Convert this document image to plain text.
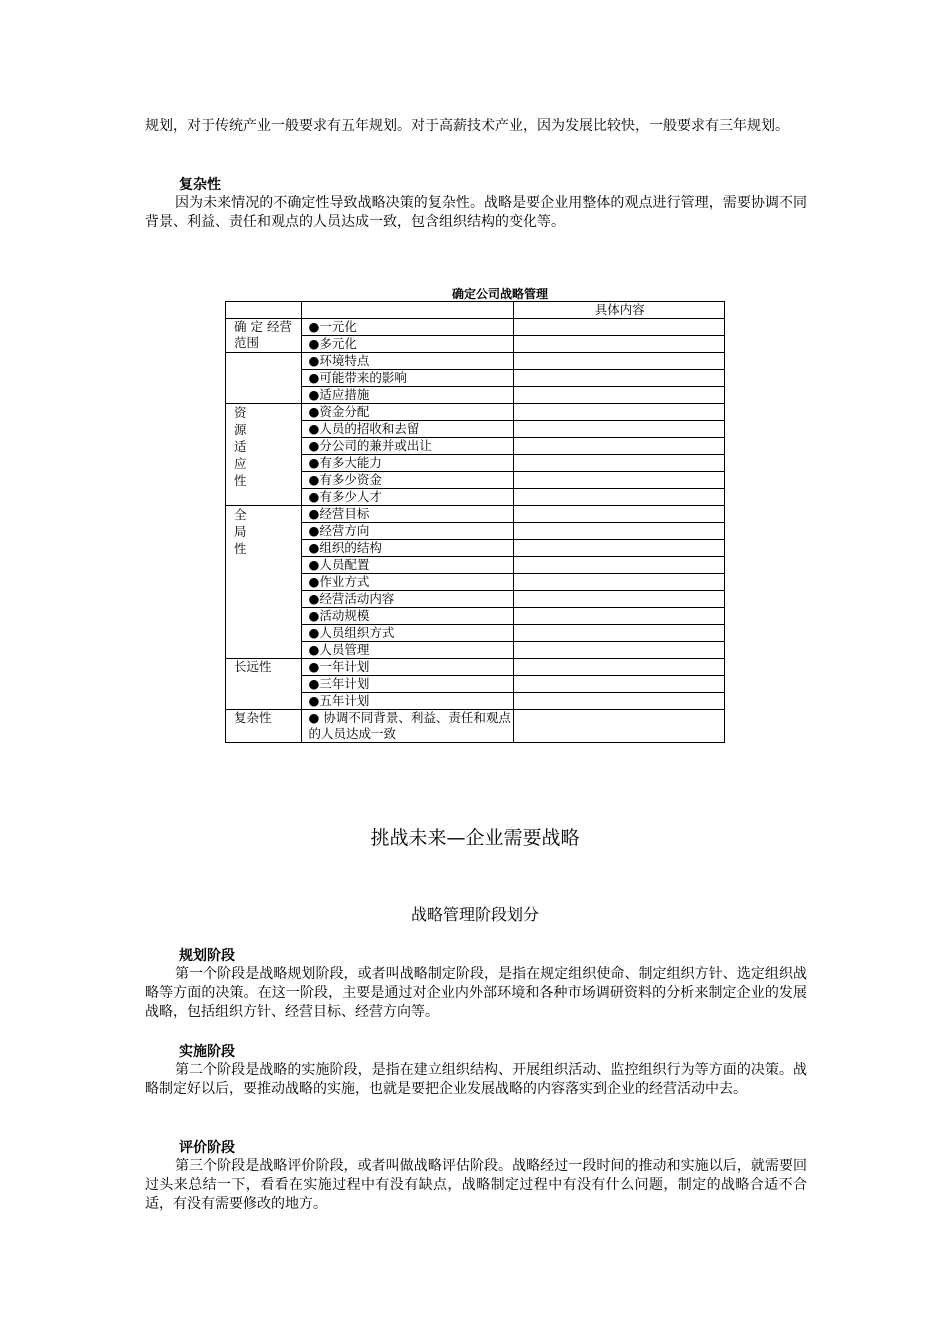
规划，对于传统产业一般要求有五年规划。对于高薪技术产业，因为发展比较快，一般要求有三年规划。

复杂性

因为未来情况的不确定性导致战略决策的复杂性。战略是要企业用整体的观点进行管理，需要协调不同背景、利益、责任和观点的人员达成一致，包含组织结构的变化等。

确定公司战略管理

		具体内容
确 定 经营范围	●一元化	
	●多元化	
	●环境特点	
	●可能带来的影响	
	●适应措施	

资源适应性	●资金分配	
	●人员的招收和去留	
	●分公司的兼并或出让	
	●有多大能力	
	●有多少资金	
	●有多少人才	

全局性	●经营目标	
	●经营方向	
	●组织的结构	
	●人员配置	
	●作业方式	
	●经营活动内容	
	●活动规模	
	●人员组织方式	
	●人员管理	
长远性	●一年计划	
	●三年计划	
	●五年计划	
复杂性	● 协调不同背景、利益、责任和观点的人员达成一致	
挑战未来—企业需要战略
战略管理阶段划分
规划阶段

第一个阶段是战略规划阶段，或者叫战略制定阶段，是指在规定组织使命、制定组织方针、选定组织战略等方面的决策。在这一阶段，主要是通过对企业内外部环境和各种市场调研资料的分析来制定企业的发展战略，包括组织方针、经营目标、经营方向等。

实施阶段

第二个阶段是战略的实施阶段，是指在建立组织结构、开展组织活动、监控组织行为等方面的决策。战略制定好以后，要推动战略的实施，也就是要把企业发展战略的内容落实到企业的经营活动中去。

评价阶段

第三个阶段是战略评价阶段，或者叫做战略评估阶段。战略经过一段时间的推动和实施以后，就需要回过头来总结一下，看看在实施过程中有没有缺点，战略制定过程中有没有什么问题，制定的战略合适不合适，有没有需要修改的地方。
